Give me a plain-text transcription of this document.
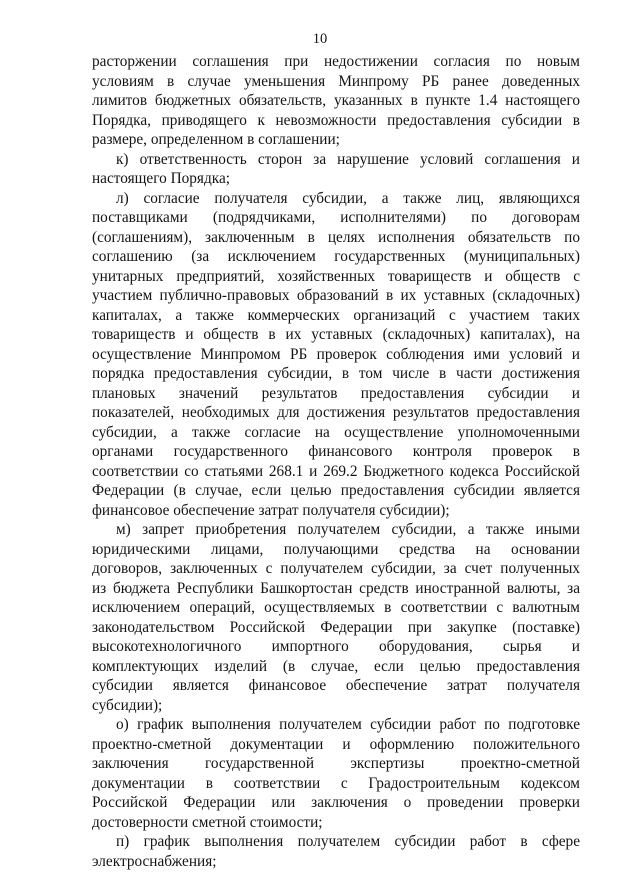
10
расторжении соглашения при недостижении согласия по новым
условиям в случае уменьшения Минпрому РБ ранее доведенных
лимитов бюджетных обязательств, указанных в пункте 1.4 настоящего
Порядка, приводящего к невозможности предоставления субсидии в
размере, определенном в соглашении;
к) ответственность сторон за нарушение условий соглашения и
настоящего Порядка;
л) согласие получателя субсидии, а также лиц, являющихся
поставщиками (подрядчиками, исполнителями) по договорам
(соглашениям), заключенным в целях исполнения обязательств по
соглашению (за исключением государственных (муниципальных)
унитарных предприятий, хозяйственных товариществ и обществ с
участием публично-правовых образований в их уставных (складочных)
капиталах, а также коммерческих организаций с участием таких
товариществ и обществ в их уставных (складочных) капиталах), на
осуществление Минпромом РБ проверок соблюдения ими условий и
порядка предоставления субсидии, в том числе в части достижения
плановых значений результатов предоставления субсидии и
показателей, необходимых для достижения результатов предоставления
субсидии, а также согласие на осуществление уполномоченными
органами государственного финансового контроля проверок в
соответствии со статьями 268.1 и 269.2 Бюджетного кодекса Российской
Федерации (в случае, если целью предоставления субсидии является
финансовое обеспечение затрат получателя субсидии);
м) запрет приобретения получателем субсидии, а также иными
юридическими лицами, получающими средства на основании
договоров, заключенных с получателем субсидии, за счет полученных
из бюджета Республики Башкортостан средств иностранной валюты, за
исключением операций, осуществляемых в соответствии с валютным
законодательством Российской Федерации при закупке (поставке)
высокотехнологичного импортного оборудования, сырья и
комплектующих изделий (в случае, если целью предоставления
субсидии является финансовое обеспечение затрат получателя
субсидии);
о) график выполнения получателем субсидии работ по подготовке
проектно-сметной документации и оформлению положительного
заключения государственной экспертизы проектно-сметной
документации в соответствии с Градостроительным кодексом
Российской Федерации или заключения о проведении проверки
достоверности сметной стоимости;
п) график выполнения получателем субсидии работ в сфере
электроснабжения;
